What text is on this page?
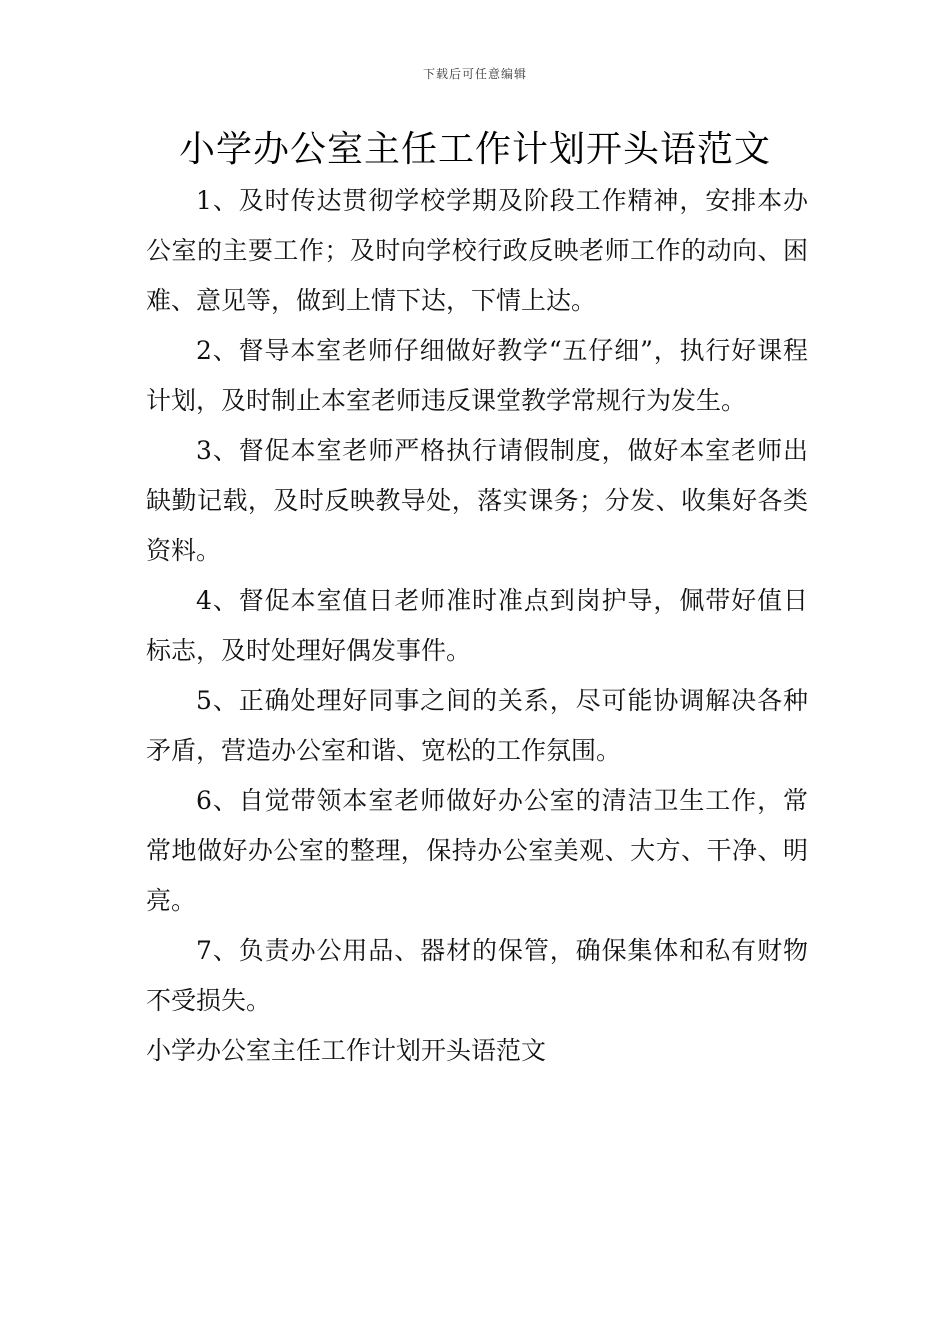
下载后可任意编辑
小学办公室主任工作计划开头语范文

1、及时传达贯彻学校学期及阶段工作精神，安排本办公室的主要工作；及时向学校行政反映老师工作的动向、困难、意见等，做到上情下达，下情上达。

2、督导本室老师仔细做好教学“五仔细”，执行好课程计划，及时制止本室老师违反课堂教学常规行为发生。

3、督促本室老师严格执行请假制度，做好本室老师出缺勤记载，及时反映教导处，落实课务；分发、收集好各类资料。

4、督促本室值日老师准时准点到岗护导，佩带好值日标志，及时处理好偶发事件。

5、正确处理好同事之间的关系，尽可能协调解决各种矛盾，营造办公室和谐、宽松的工作氛围。

6、自觉带领本室老师做好办公室的清洁卫生工作，常常地做好办公室的整理，保持办公室美观、大方、干净、明亮。

7、负责办公用品、器材的保管，确保集体和私有财物不受损失。

小学办公室主任工作计划开头语范文
